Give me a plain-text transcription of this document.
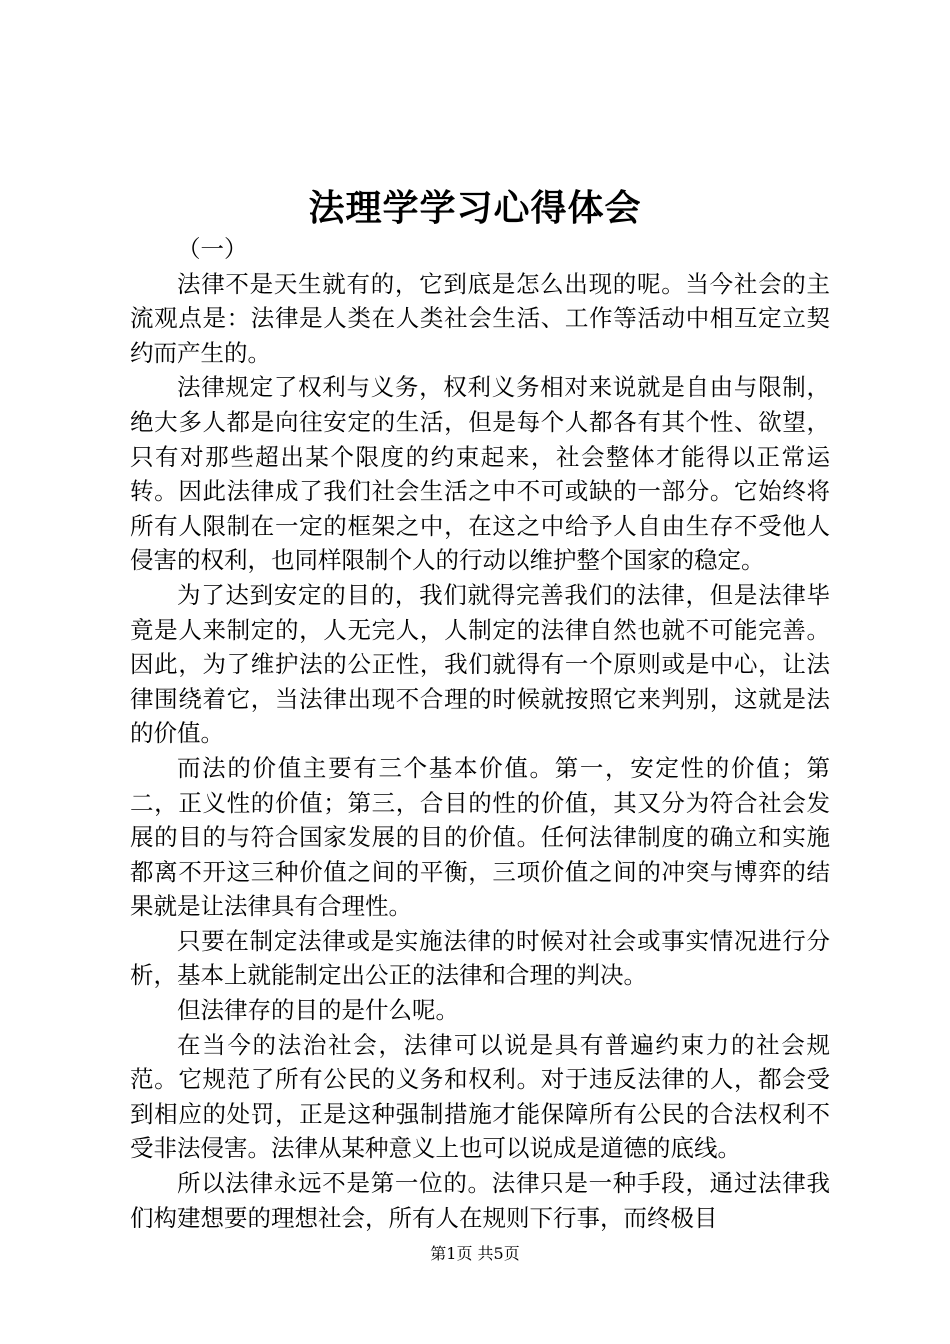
法理学学习心得体会

（一）

法律不是天生就有的，它到底是怎么出现的呢。当今社会的主流观点是：法律是人类在人类社会生活、工作等活动中相互定立契约而产生的。

法律规定了权利与义务，权利义务相对来说就是自由与限制，绝大多人都是向往安定的生活，但是每个人都各有其个性、欲望，只有对那些超出某个限度的约束起来，社会整体才能得以正常运转。因此法律成了我们社会生活之中不可或缺的一部分。它始终将所有人限制在一定的框架之中，在这之中给予人自由生存不受他人侵害的权利，也同样限制个人的行动以维护整个国家的稳定。

为了达到安定的目的，我们就得完善我们的法律，但是法律毕竟是人来制定的，人无完人，人制定的法律自然也就不可能完善。因此，为了维护法的公正性，我们就得有一个原则或是中心，让法律围绕着它，当法律出现不合理的时候就按照它来判别，这就是法的价值。

而法的价值主要有三个基本价值。第一，安定性的价值；第二，正义性的价值；第三，合目的性的价值，其又分为符合社会发展的目的与符合国家发展的目的价值。任何法律制度的确立和实施都离不开这三种价值之间的平衡，三项价值之间的冲突与博弈的结果就是让法律具有合理性。

只要在制定法律或是实施法律的时候对社会或事实情况进行分析，基本上就能制定出公正的法律和合理的判决。

但法律存的目的是什么呢。

在当今的法治社会，法律可以说是具有普遍约束力的社会规范。它规范了所有公民的义务和权利。对于违反法律的人，都会受到相应的处罚，正是这种强制措施才能保障所有公民的合法权利不受非法侵害。法律从某种意义上也可以说成是道德的底线。

所以法律永远不是第一位的。法律只是一种手段，通过法律我们构建想要的理想社会，所有人在规则下行事，而终极目

第1页 共5页
